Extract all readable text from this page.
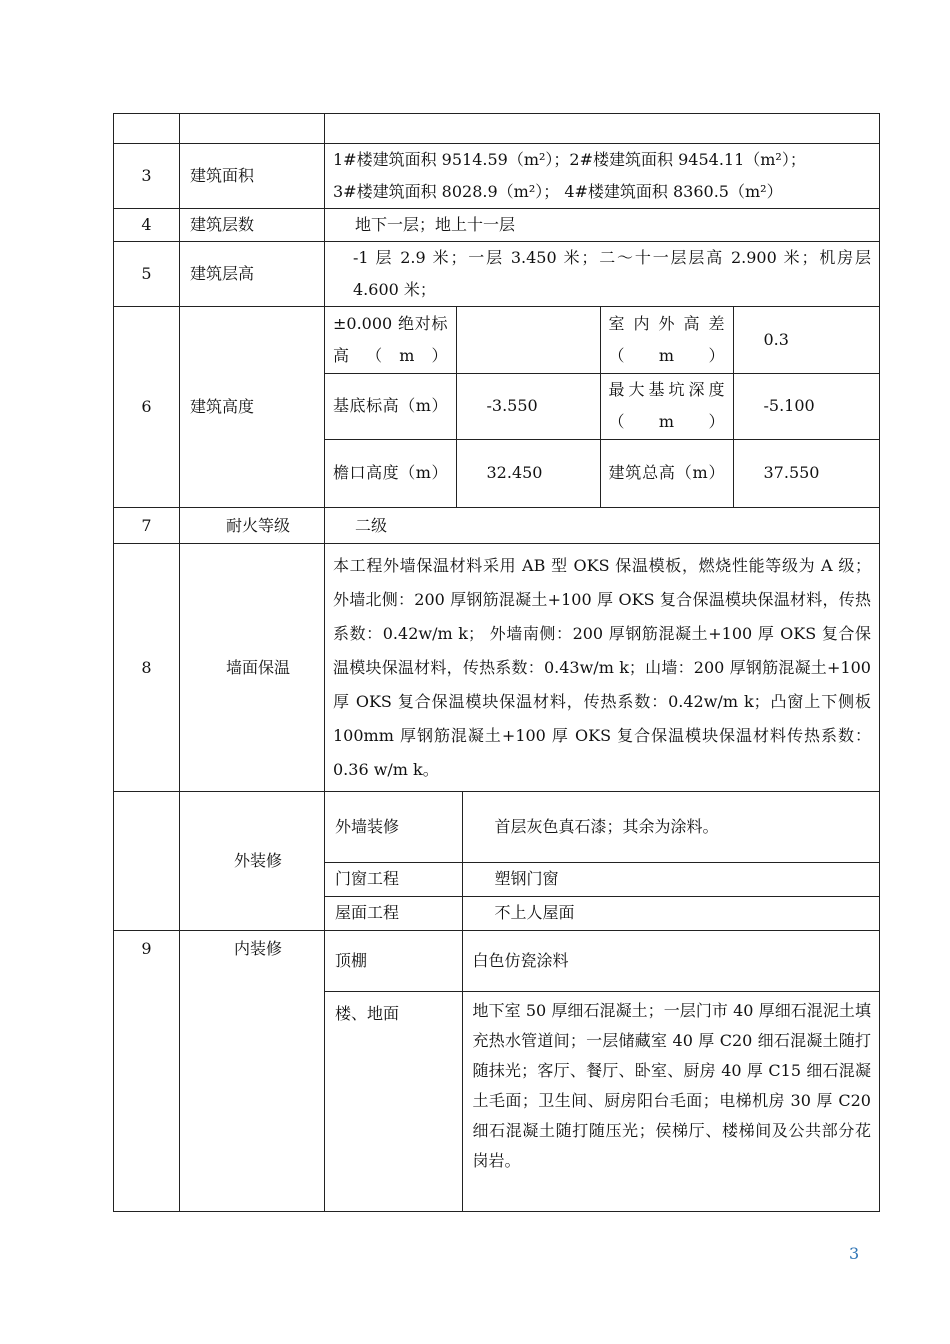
3	建筑面积	
1#楼建筑面积 9514.59（m²）；2#楼建筑面积 9454.11（m²）；
3#楼建筑面积 8028.9（m²）； 4#楼建筑面积 8360.5（m²）

4	建筑层数	地下一层；地上十一层
5	建筑层高	-1 层 2.9 米；一层 3.450 米；二～十一层层高 2.900 米；机房层 4.600 米；
6	建筑高度	
±0.000 绝对标高（m）		室内外高差（m）	0.3
基底标高（m）	-3.550	最大基坑深度（m）	-5.100
檐口高度（m）	32.450	建筑总高（m）	37.550

7	耐火等级	二级
8	墙面保温	本工程外墙保温材料采用 AB 型 OKS 保温模板，燃烧性能等级为 A 级； 外墙北侧：200 厚钢筋混凝土+100 厚 OKS 复合保温模块保温材料，传热系数：0.42w/m k； 外墙南侧：200 厚钢筋混凝土+100 厚 OKS 复合保温模块保温材料，传热系数：0.43w/m k；山墙：200 厚钢筋混凝土+100 厚 OKS 复合保温模块保温材料，传热系数：0.42w/m k；凸窗上下侧板 100mm 厚钢筋混凝土+100 厚 OKS 复合保温模块保温材料传热系数：0.36 w/m k。
	外装修	
外墙装修	首层灰色真石漆；其余为涂料。
门窗工程	塑钢门窗
屋面工程	不上人屋面

9	内装修	
顶棚	白色仿瓷涂料
楼、地面	地下室 50 厚细石混凝土；一层门市 40 厚细石混泥土填充热水管道间；一层储藏室 40 厚 C20 细石混凝土随打随抹光；客厅、餐厅、卧室、厨房 40 厚 C15 细石混凝土毛面；卫生间、厨房阳台毛面；电梯机房 30 厚 C20 细石混凝土随打随压光；侯梯厅、楼梯间及公共部分花岗岩。
3
